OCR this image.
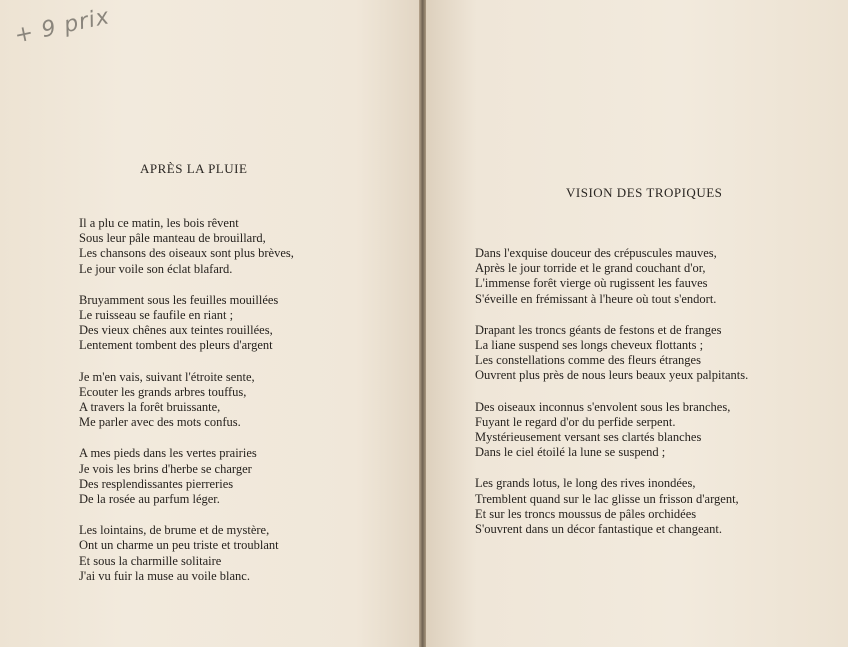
+ 9 prix
APRÈS LA PLUIE
Il a plu ce matin, les bois rêvent
Sous leur pâle manteau de brouillard,
Les chansons des oiseaux sont plus brèves,
Le jour voile son éclat blafard.
Bruyamment sous les feuilles mouillées
Le ruisseau se faufile en riant ;
Des vieux chênes aux teintes rouillées,
Lentement tombent des pleurs d'argent
Je m'en vais, suivant l'étroite sente,
Ecouter les grands arbres touffus,
A travers la forêt bruissante,
Me parler avec des mots confus.
A mes pieds dans les vertes prairies
Je vois les brins d'herbe se charger
Des resplendissantes pierreries
De la rosée au parfum léger.
Les lointains, de brume et de mystère,
Ont un charme un peu triste et troublant
Et sous la charmille solitaire
J'ai vu fuir la muse au voile blanc.
VISION DES TROPIQUES
Dans l'exquise douceur des crépuscules mauves,
Après le jour torride et le grand couchant d'or,
L'immense forêt vierge où rugissent les fauves
S'éveille en frémissant à l'heure où tout s'endort.
Drapant les troncs géants de festons et de franges
La liane suspend ses longs cheveux flottants ;
Les constellations comme des fleurs étranges
Ouvrent plus près de nous leurs beaux yeux palpitants.
Des oiseaux inconnus s'envolent sous les branches,
Fuyant le regard d'or du perfide serpent.
Mystérieusement versant ses clartés blanches
Dans le ciel étoilé la lune se suspend ;
Les grands lotus, le long des rives inondées,
Tremblent quand sur le lac glisse un frisson d'argent,
Et sur les troncs moussus de pâles orchidées
S'ouvrent dans un décor fantastique et changeant.
